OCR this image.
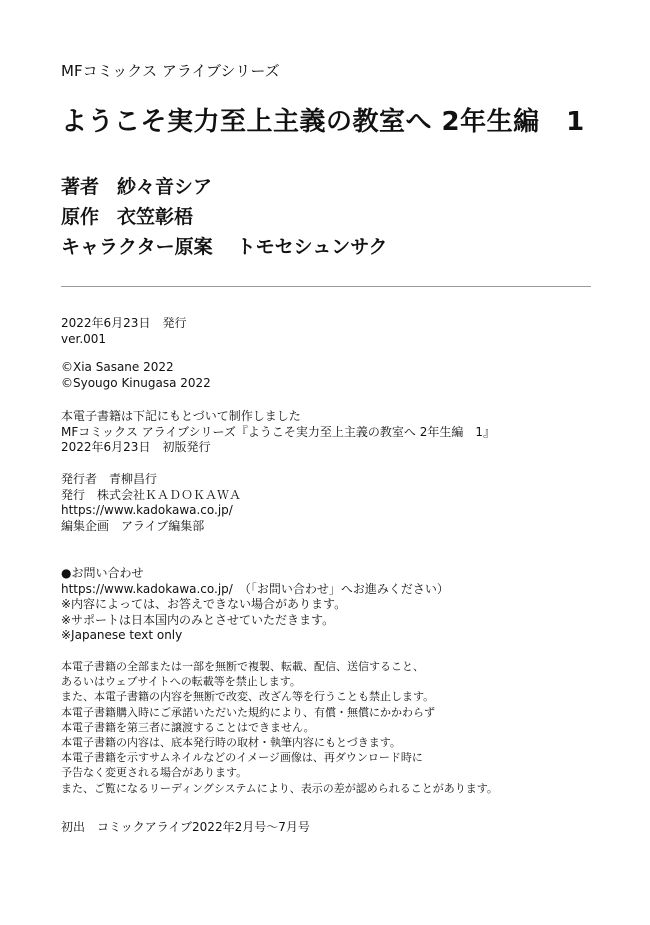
MFコミックス アライブシリーズ
ようこそ実力至上主義の教室へ 2年生編　1
著者 紗々音シア
原作 衣笠彰梧
キャラクター原案 トモセシュンサク
2022年6月23日　発行
ver.001
©Xia Sasane 2022
©Syougo Kinugasa 2022
本電子書籍は下記にもとづいて制作しました
MFコミックス アライブシリーズ『ようこそ実力至上主義の教室へ 2年生編　1』
2022年6月23日　初版発行
発行者　青柳昌行
発行　株式会社ＫＡＤＯＫＡＷＡ
https://www.kadokawa.co.jp/
編集企画　アライブ編集部
●お問い合わせ
https://www.kadokawa.co.jp/　（「お問い合わせ」へお進みください）
※内容によっては、お答えできない場合があります。
※サポートは日本国内のみとさせていただきます。
※Japanese text only
本電子書籍の全部または一部を無断で複製、転載、配信、送信すること、
あるいはウェブサイトへの転載等を禁止します。
また、本電子書籍の内容を無断で改変、改ざん等を行うことも禁止します。
本電子書籍購入時にご承諾いただいた規約により、有償・無償にかかわらず
本電子書籍を第三者に譲渡することはできません。
本電子書籍の内容は、底本発行時の取材・執筆内容にもとづきます。
本電子書籍を示すサムネイルなどのイメージ画像は、再ダウンロード時に
予告なく変更される場合があります。
また、ご覧になるリーディングシステムにより、表示の差が認められることがあります。
初出　コミックアライブ2022年2月号～7月号
